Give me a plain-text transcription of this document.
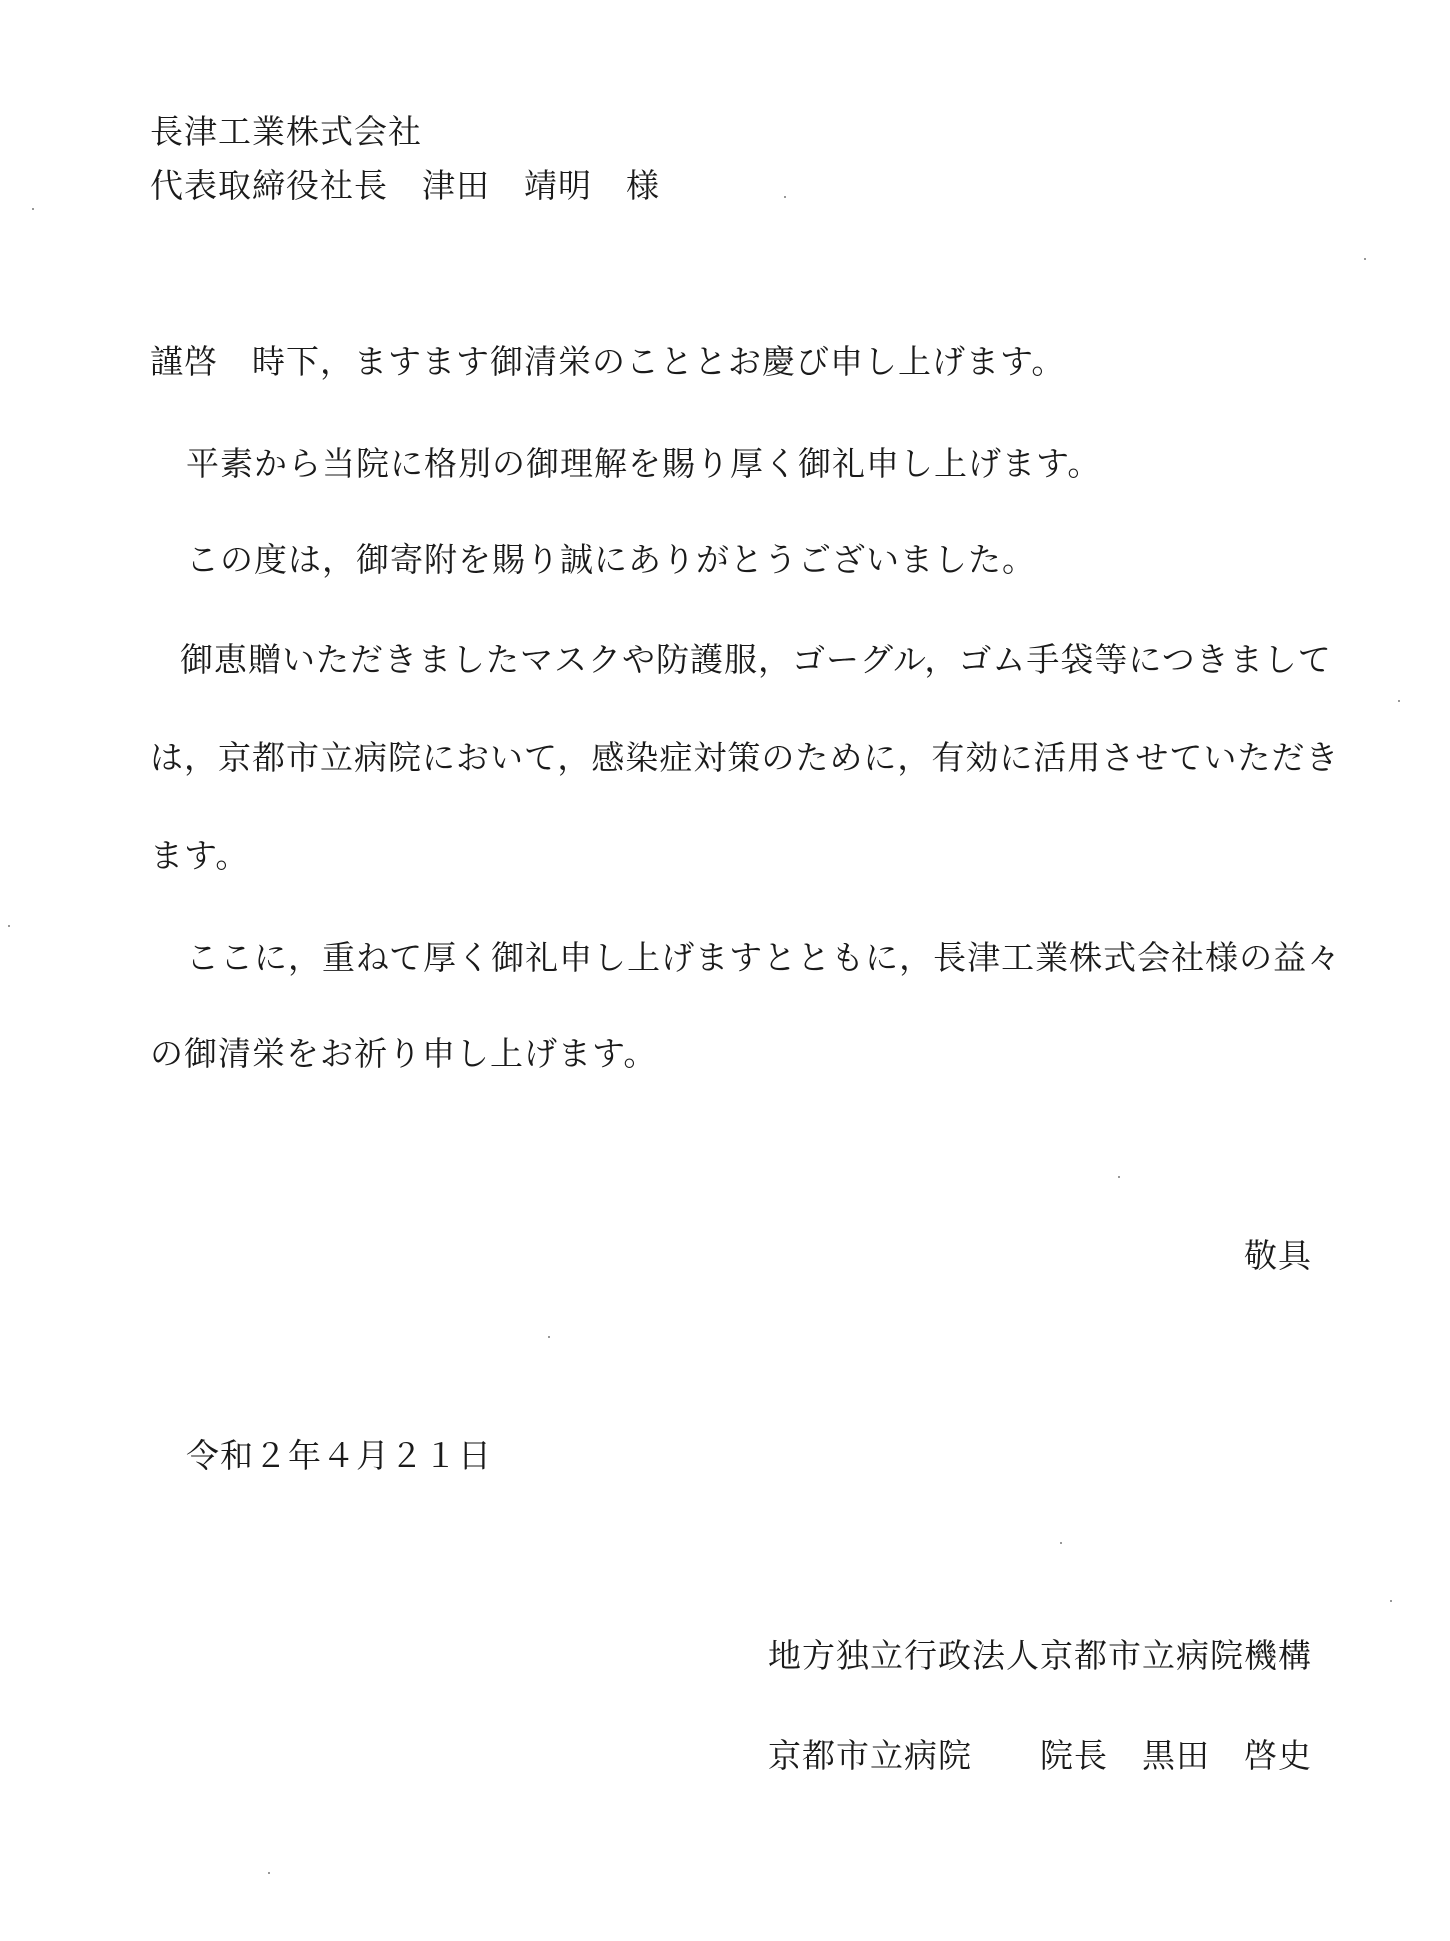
長津工業株式会社
代表取締役社長　津田　靖明　様
謹啓　時下，ますます御清栄のこととお慶び申し上げます。
平素から当院に格別の御理解を賜り厚く御礼申し上げます。
この度は，御寄附を賜り誠にありがとうございました。
御恵贈いただきましたマスクや防護服，ゴーグル，ゴム手袋等につきまして
は，京都市立病院において，感染症対策のために，有効に活用させていただき
ます。
ここに，重ねて厚く御礼申し上げますとともに，長津工業株式会社様の益々
の御清栄をお祈り申し上げます。
敬具
令和２年４月２１日
地方独立行政法人京都市立病院機構
京都市立病院　　院長　黒田　啓史
